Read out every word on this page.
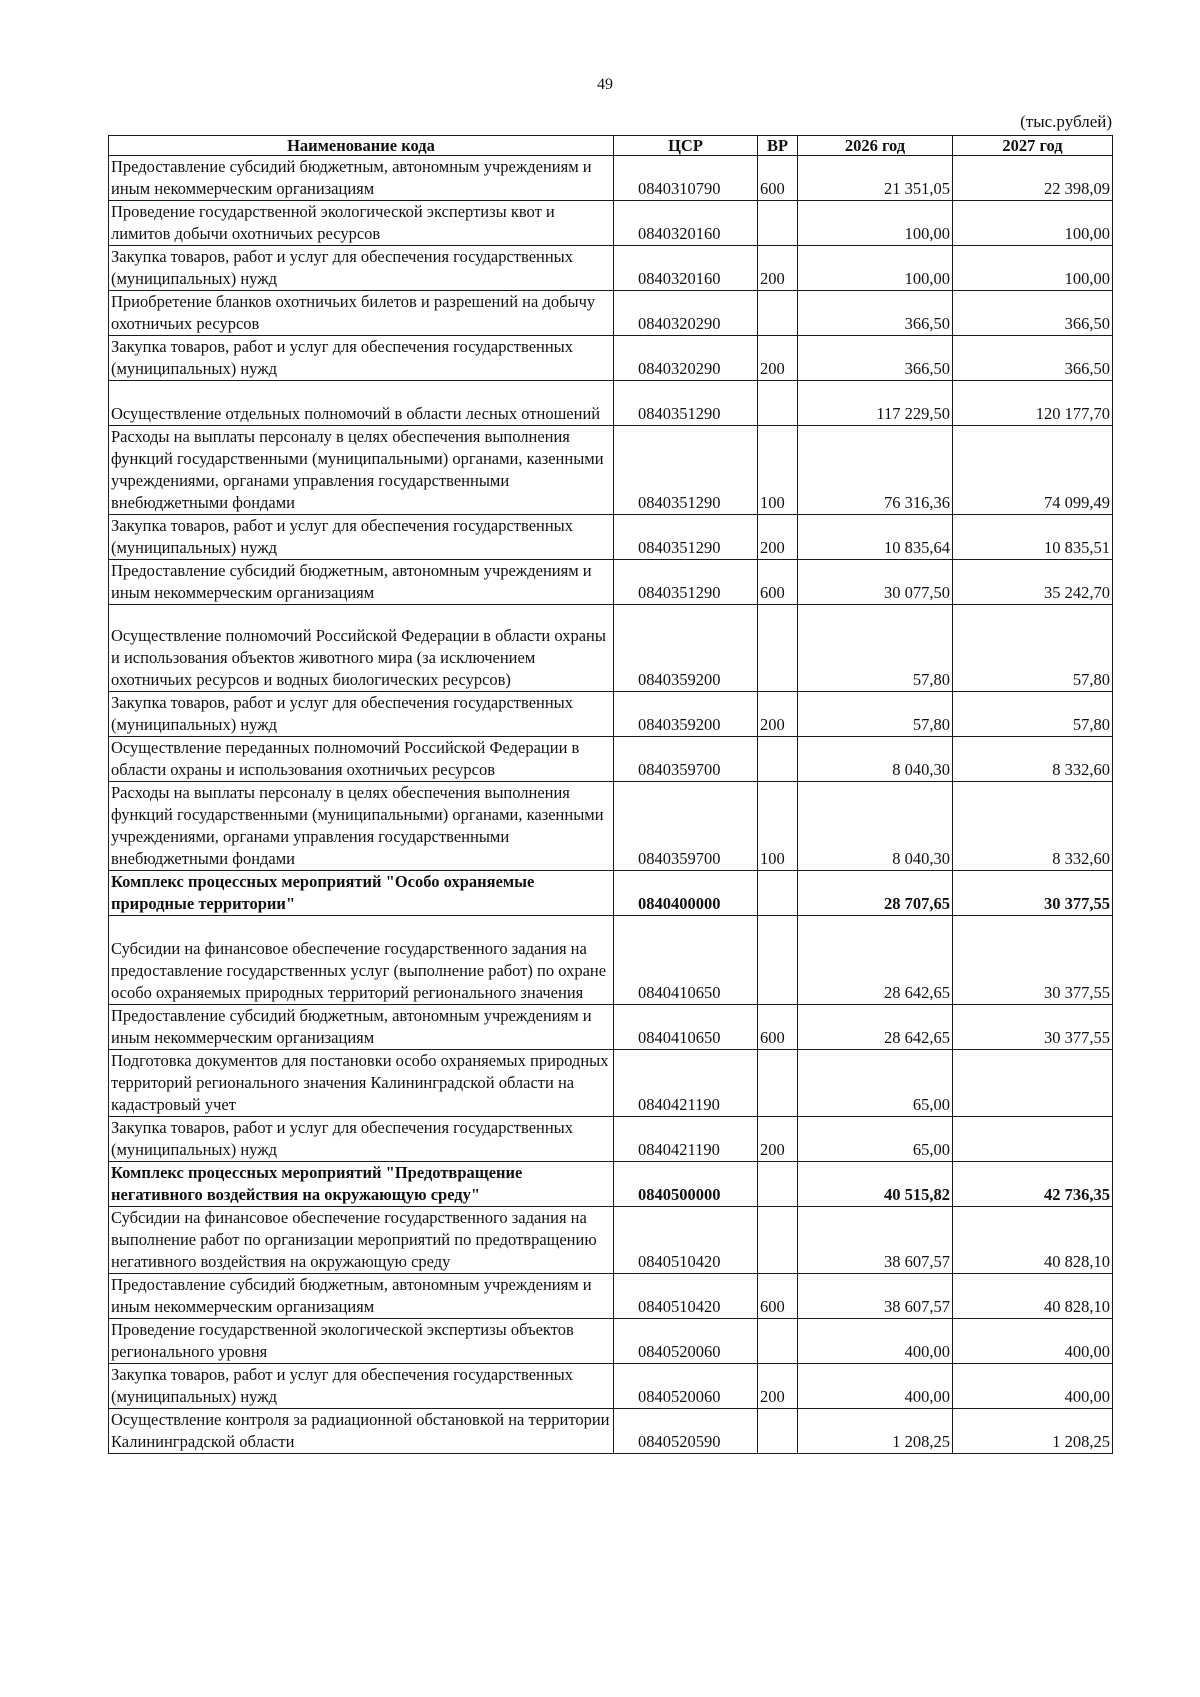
49
(тыс.рублей)
Наименование кода	ЦСР	ВР	2026 год	2027 год
Предоставление субсидий бюджетным, автономным учреждениям и иным некоммерческим организациям	0840310790	600	21 351,05	22 398,09
Проведение государственной экологической экспертизы квот и лимитов добычи охотничьих ресурсов	0840320160		100,00	100,00
Закупка товаров, работ и услуг для обеспечения государственных (муниципальных) нужд	0840320160	200	100,00	100,00
Приобретение бланков охотничьих билетов и разрешений на добычу охотничьих ресурсов	0840320290		366,50	366,50
Закупка товаров, работ и услуг для обеспечения государственных (муниципальных) нужд	0840320290	200	366,50	366,50
Осуществление отдельных полномочий в области лесных отношений	0840351290		117 229,50	120 177,70
Расходы на выплаты персоналу в целях обеспечения выполнения функций государственными (муниципальными) органами, казенными учреждениями, органами управления государственными внебюджетными фондами	0840351290	100	76 316,36	74 099,49
Закупка товаров, работ и услуг для обеспечения государственных (муниципальных) нужд	0840351290	200	10 835,64	10 835,51
Предоставление субсидий бюджетным, автономным учреждениям и иным некоммерческим организациям	0840351290	600	30 077,50	35 242,70
Осуществление полномочий Российской Федерации в области охраны и использования объектов животного мира (за исключением охотничьих ресурсов и водных биологических ресурсов)	0840359200		57,80	57,80
Закупка товаров, работ и услуг для обеспечения государственных (муниципальных) нужд	0840359200	200	57,80	57,80
Осуществление переданных полномочий Российской Федерации в области охраны и использования охотничьих ресурсов	0840359700		8 040,30	8 332,60
Расходы на выплаты персоналу в целях обеспечения выполнения функций государственными (муниципальными) органами, казенными учреждениями, органами управления государственными внебюджетными фондами	0840359700	100	8 040,30	8 332,60
Комплекс процессных мероприятий "Особо охраняемые природные территории"	0840400000		28 707,65	30 377,55
Субсидии на финансовое обеспечение государственного задания на предоставление государственных услуг (выполнение работ) по охране особо охраняемых природных территорий регионального значения	0840410650		28 642,65	30 377,55
Предоставление субсидий бюджетным, автономным учреждениям и иным некоммерческим организациям	0840410650	600	28 642,65	30 377,55
Подготовка документов для постановки особо охраняемых природных территорий регионального значения Калининградской области на кадастровый учет	0840421190		65,00	
Закупка товаров, работ и услуг для обеспечения государственных (муниципальных) нужд	0840421190	200	65,00	
Комплекс процессных мероприятий "Предотвращение негативного воздействия на окружающую среду"	0840500000		40 515,82	42 736,35
Субсидии на финансовое обеспечение государственного задания на выполнение работ по организации мероприятий по предотвращению негативного воздействия на окружающую среду	0840510420		38 607,57	40 828,10
Предоставление субсидий бюджетным, автономным учреждениям и иным некоммерческим организациям	0840510420	600	38 607,57	40 828,10
Проведение государственной экологической экспертизы объектов регионального уровня	0840520060		400,00	400,00
Закупка товаров, работ и услуг для обеспечения государственных (муниципальных) нужд	0840520060	200	400,00	400,00
Осуществление контроля за радиационной обстановкой на территории Калининградской области	0840520590		1 208,25	1 208,25
